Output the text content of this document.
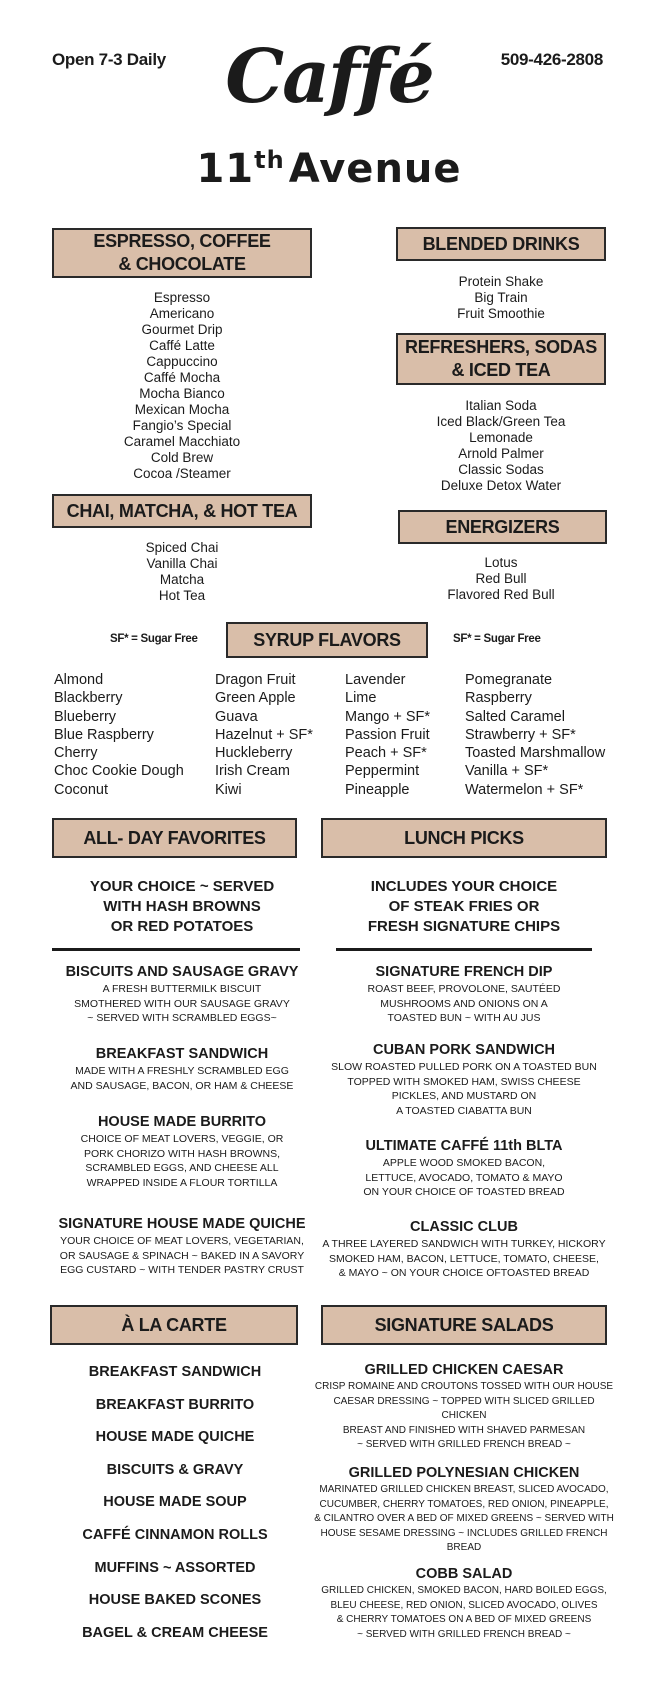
Open 7-3 Daily	509-426-2808
Caffé
11th Avenue
ESPRESSO, COFFEE
& CHOCOLATE
Espresso
Americano
Gourmet Drip
Caffé Latte
Cappuccino
Caffé Mocha
Mocha Bianco
Mexican Mocha
Fangio’s Special
Caramel Macchiato
Cold Brew
Cocoa /Steamer
CHAI, MATCHA, & HOT TEA
Spiced Chai
Vanilla Chai
Matcha
Hot Tea
BLENDED DRINKS
Protein Shake
Big Train
Fruit Smoothie
REFRESHERS, SODAS
& ICED TEA
Italian Soda
Iced Black/Green Tea
Lemonade
Arnold Palmer
Classic Sodas
Deluxe Detox Water
ENERGIZERS
Lotus
Red Bull
Flavored Red Bull
SF* = Sugar Free	SYRUP FLAVORS	SF* = Sugar Free
Almond
Blackberry
Blueberry
Blue Raspberry
Cherry
Choc Cookie Dough
Coconut
Dragon Fruit
Green Apple
Guava
Hazelnut + SF*
Huckleberry
Irish Cream
Kiwi
Lavender
Lime
Mango + SF*
Passion Fruit
Peach + SF*
Peppermint
Pineapple
Pomegranate
Raspberry
Salted Caramel
Strawberry + SF*
Toasted Marshmallow
Vanilla + SF*
Watermelon + SF*
ALL- DAY FAVORITES
YOUR CHOICE ~ SERVED
WITH HASH BROWNS
OR RED POTATOES
BISCUITS AND SAUSAGE GRAVY
A FRESH BUTTERMILK BISCUIT
SMOTHERED WITH OUR SAUSAGE GRAVY
~ SERVED WITH SCRAMBLED EGGS~
BREAKFAST SANDWICH
MADE WITH A FRESHLY SCRAMBLED EGG
AND SAUSAGE, BACON, OR HAM & CHEESE
HOUSE MADE BURRITO
CHOICE OF MEAT LOVERS, VEGGIE, OR
PORK CHORIZO WITH HASH BROWNS,
SCRAMBLED EGGS, AND CHEESE ALL
WRAPPED INSIDE A FLOUR TORTILLA
SIGNATURE HOUSE MADE QUICHE
YOUR CHOICE OF MEAT LOVERS, VEGETARIAN,
OR SAUSAGE & SPINACH ~ BAKED IN A SAVORY
EGG CUSTARD ~ WITH TENDER PASTRY CRUST
LUNCH PICKS
INCLUDES YOUR CHOICE
OF STEAK FRIES OR
FRESH SIGNATURE CHIPS
SIGNATURE FRENCH DIP
ROAST BEEF, PROVOLONE, SAUTÉED
MUSHROOMS AND ONIONS ON A
TOASTED BUN ~ WITH AU JUS
CUBAN PORK SANDWICH
SLOW ROASTED PULLED PORK ON A TOASTED BUN
TOPPED WITH SMOKED HAM, SWISS CHEESE
PICKLES, AND MUSTARD ON
A TOASTED CIABATTA BUN
ULTIMATE CAFFÉ 11th BLTA
APPLE WOOD SMOKED BACON,
LETTUCE, AVOCADO, TOMATO & MAYO
ON YOUR CHOICE OF TOASTED BREAD
CLASSIC CLUB
A THREE LAYERED SANDWICH WITH TURKEY, HICKORY
SMOKED HAM, BACON, LETTUCE, TOMATO, CHEESE,
& MAYO ~ ON YOUR CHOICE OFTOASTED BREAD
À LA CARTE
BREAKFAST SANDWICH
BREAKFAST BURRITO
HOUSE MADE QUICHE
BISCUITS & GRAVY
HOUSE MADE SOUP
CAFFÉ CINNAMON ROLLS
MUFFINS ~ ASSORTED
HOUSE BAKED SCONES
BAGEL & CREAM CHEESE
SIGNATURE SALADS
GRILLED CHICKEN CAESAR
CRISP ROMAINE AND CROUTONS TOSSED WITH OUR HOUSE
CAESAR DRESSING ~ TOPPED WITH SLICED GRILLED CHICKEN
BREAST AND FINISHED WITH SHAVED PARMESAN
~ SERVED WITH GRILLED FRENCH BREAD ~
GRILLED POLYNESIAN CHICKEN
MARINATED GRILLED CHICKEN BREAST, SLICED AVOCADO,
CUCUMBER, CHERRY TOMATOES, RED ONION, PINEAPPLE,
& CILANTRO OVER A BED OF MIXED GREENS ~ SERVED WITH
HOUSE SESAME DRESSING ~ INCLUDES GRILLED FRENCH BREAD
COBB SALAD
GRILLED CHICKEN, SMOKED BACON, HARD BOILED EGGS,
BLEU CHEESE, RED ONION, SLICED AVOCADO, OLIVES
& CHERRY TOMATOES ON A BED OF MIXED GREENS
~ SERVED WITH GRILLED FRENCH BREAD ~
